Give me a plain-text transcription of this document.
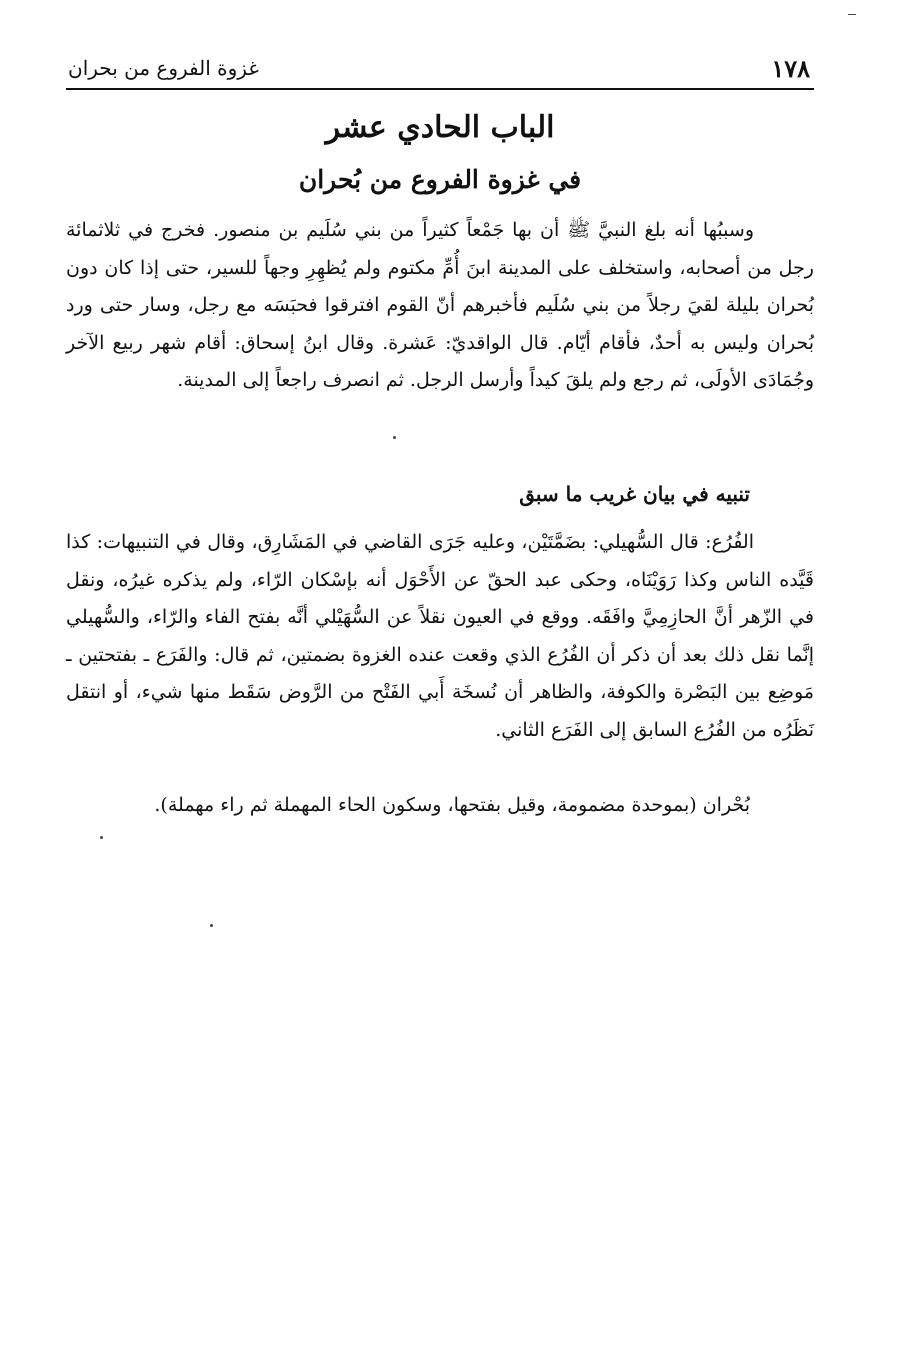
١٧٨
غزوة الفروع من بحران
الباب الحادي عشر
في غزوة الفروع من بُحران

وسببُها أنه بلغ النبيَّ ﷺ أن بها جَمْعاً كثيراً من بني سُلَيم بن منصور. فخرج في ثلاثمائة رجل من أصحابه، واستخلف على المدينة ابنَ أُمِّ مكتوم ولم يُظهِرِ وجهاً للسير، حتى إذا كان دون بُحران بليلة لقيَ رجلاً من بني سُلَيم فأخبرهم أنّ القوم افترقوا فحبَسَه مع رجل، وسار حتى ورد بُحران وليس به أحدٌ، فأقام أيّام. قال الواقديّ: عَشرة. وقال ابنُ إسحاق: أقام شهر ربيع الآخر وجُمَادَى الأولَى، ثم رجع ولم يلقَ كيداً وأرسل الرجل. ثم انصرف راجعاً إلى المدينة.

تنبيه في بيان غريب ما سبق

الفُرُع: قال السُّهيلي: بضَمَّتَيْن، وعليه جَرَى القاضي في المَشَارِق، وقال في التنبيهات: كذا قَيَّده الناس وكذا رَوَيْنَاه، وحكى عبد الحقّ عن الأَحْوَل أنه بإسْكان الرّاء، ولم يذكره غيرُه، ونقل في الزّهر أنَّ الحازِمِيَّ وافَقَه. ووقع في العيون نقلاً عن السُّهَيْلي أنَّه بفتح الفاء والرّاء، والسُّهيلي إنَّما نقل ذلك بعد أن ذكر أن الفُرُع الذي وقعت عنده الغزوة بضمتين، ثم قال: والفَرَع ـ بفتحتين ـ مَوضِع بين البَصْرة والكوفة، والظاهر أن نُسخَة أَبي الفَتْح من الرَّوض سَقَط منها شيء، أو انتقل نَظَرُه من الفُرُع السابق إلى الفَرَع الثاني.

بُحْران (بموحدة مضمومة، وقيل بفتحها، وسكون الحاء المهملة ثم راء مهملة).
